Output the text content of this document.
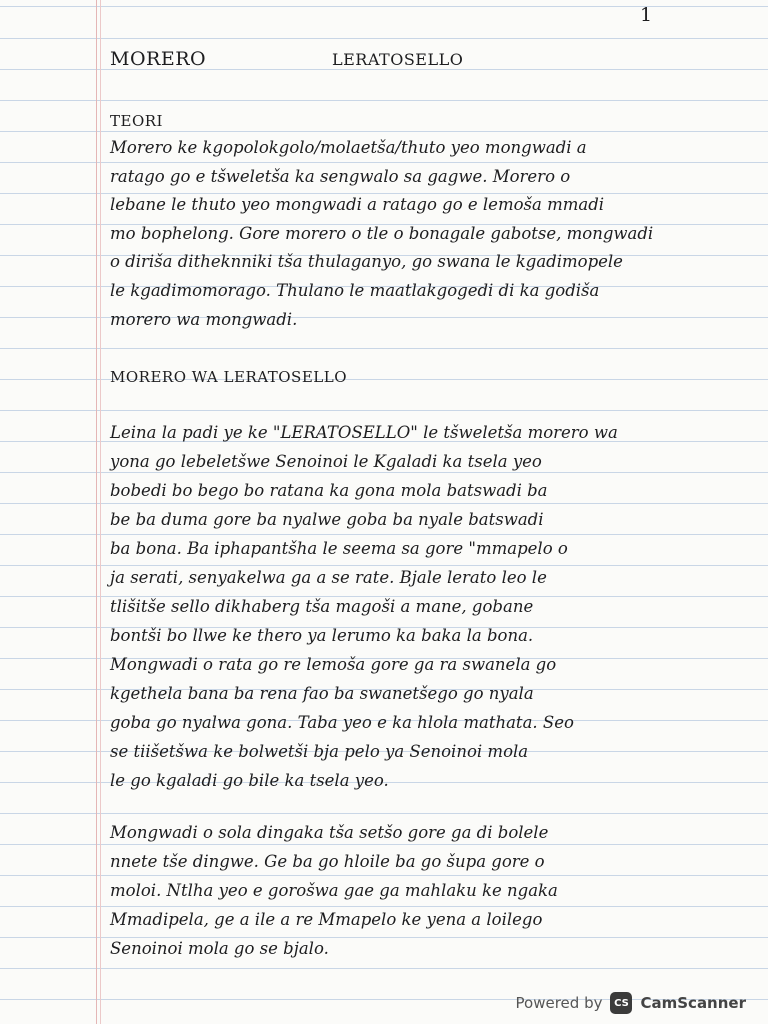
1
MORERO	LERATOSELLO
TEORI
Morero ke kgopolokgolo/molaetša/thuto yeo mongwadi a
ratago go e tšweletša ka sengwalo sa gagwe. Morero o
lebane le thuto yeo mongwadi a ratago go e lemoša mmadi
mo bophelong. Gore morero o tle o bonagale gabotse, mongwadi
o diriša ditheknniki tša thulaganyo, go swana le kgadimopele
le kgadimomorago. Thulano le maatlakgogedi di ka godiša
morero wa mongwadi.
MORERO WA LERATOSELLO
Leina la padi ye ke "LERATOSELLO" le tšweletša morero wa
yona go lebeletšwe Senoinoi le Kgaladi ka tsela yeo
bobedi bo bego bo ratana ka gona mola batswadi ba
be ba duma gore ba nyalwe goba ba nyale batswadi
ba bona. Ba iphapantšha le seema sa gore "mmapelo o
ja serati, senyakelwa ga a se rate. Bjale lerato leo le
tlišitše sello dikhaberg tša magoši a mane, gobane
bontši bo llwe ke thero ya lerumo ka baka la bona.
Mongwadi o rata go re lemoša gore ga ra swanela go
kgethela bana ba rena fao ba swanetšego go nyala
goba go nyalwa gona. Taba yeo e ka hlola mathata. Seo
se tiišetšwa ke bolwetši bja pelo ya Senoinoi mola
le go kgaladi go bile ka tsela yeo.
Mongwadi o sola dingaka tša setšo gore ga di bolele
nnete tše dingwe. Ge ba go hloile ba go šupa gore o
moloi. Ntlha yeo e gorošwa gae ga mahlaku ke ngaka
Mmadipela, ge a ile a re Mmapelo ke yena a loilego
Senoinoi mola go se bjalo.
Powered by	CS CamScanner
